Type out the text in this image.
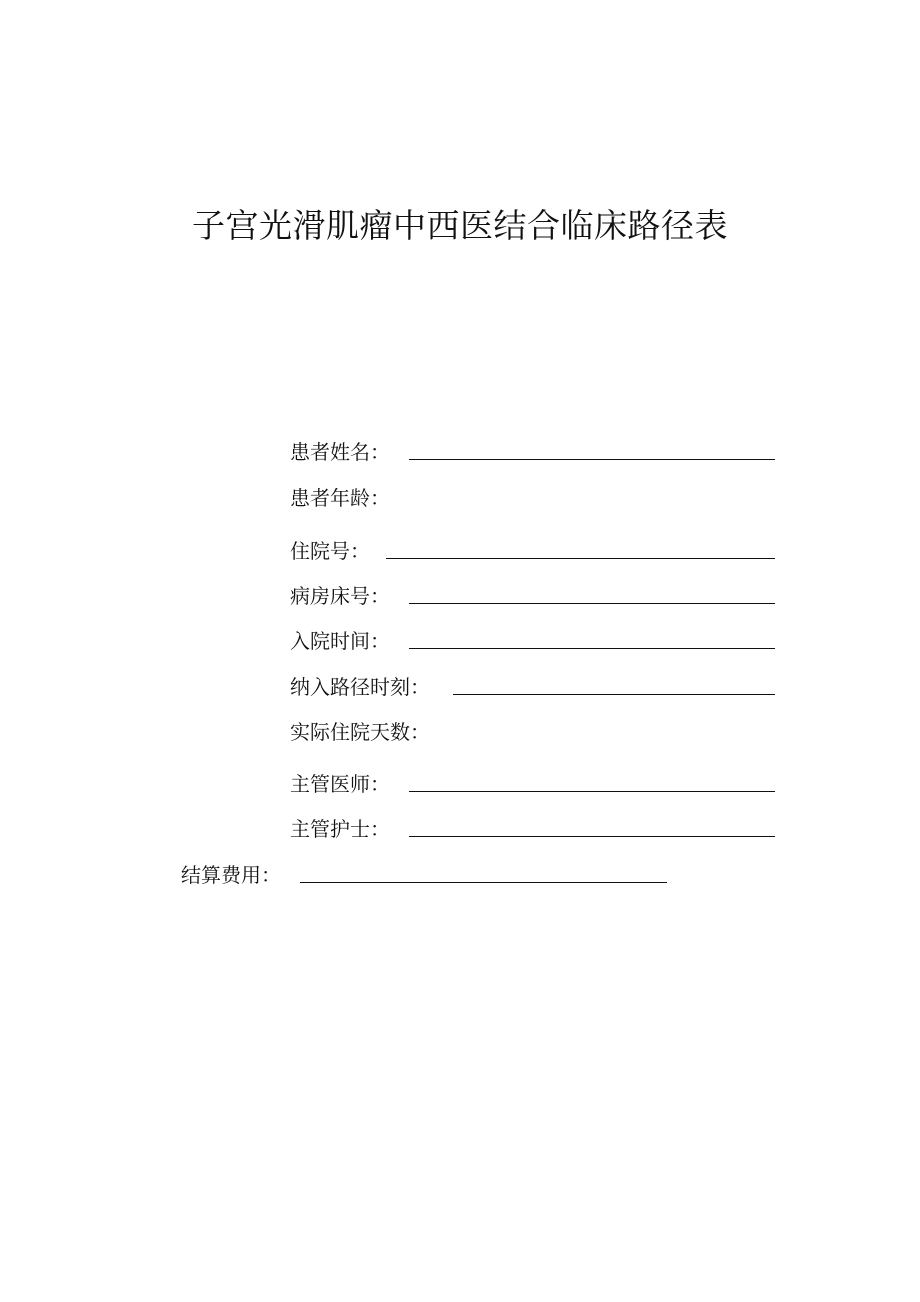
子宫光滑肌瘤中西医结合临床路径表
患者姓名：
患者年龄：
住院号：
病房床号：
入院时间：
纳入路径时刻：
实际住院天数：
主管医师：
主管护士：
结算费用：
